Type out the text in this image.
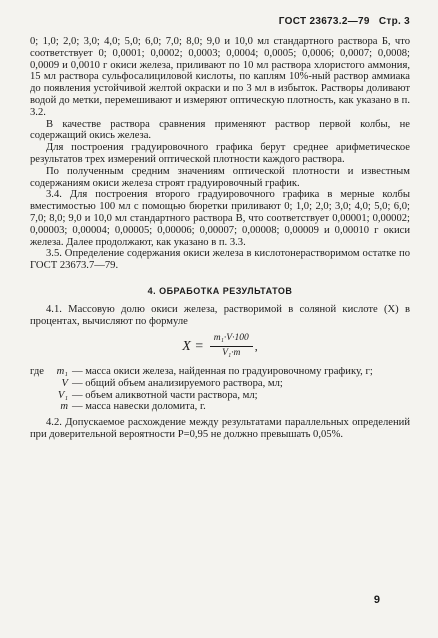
ГОСТ 23673.2—79 Стр. 3

0; 1,0; 2,0; 3,0; 4,0; 5,0; 6,0; 7,0; 8,0; 9,0 и 10,0 мл стандартного раствора Б, что соответствует 0; 0,0001; 0,0002; 0,0003; 0,0004; 0,0005; 0,0006; 0,0007; 0,0008; 0,0009 и 0,0010 г окиси железа, приливают по 10 мл раствора хлористого аммония, 15 мл раствора сульфосалициловой кислоты, по каплям 10%-ный раствор аммиака до появления устойчивой желтой окраски и по 3 мл в избыток. Растворы доливают водой до метки, перемешивают и измеряют оптическую плотность, как указано в п. 3.2.

В качестве раствора сравнения применяют раствор первой колбы, не содержащий окись железа.

Для построения градуировочного графика берут среднее арифметическое результатов трех измерений оптической плотности каждого раствора.

По полученным средним значениям оптической плотности и известным содержаниям окиси железа строят градуировочный график.

3.4. Для построения второго градуировочного графика в мерные колбы вместимостью 100 мл с помощью бюретки приливают 0; 1,0; 2,0; 3,0; 4,0; 5,0; 6,0; 7,0; 8,0; 9,0 и 10,0 мл стандартного раствора В, что соответствует 0,00001; 0,00002; 0,00003; 0,00004; 0,00005; 0,00006; 0,00007; 0,00008; 0,00009 и 0,00010 г окиси железа. Далее продолжают, как указано в п. 3.3.

3.5. Определение содержания окиси железа в кислотонерастворимом остатке по ГОСТ 23673.7—79.

4. ОБРАБОТКА РЕЗУЛЬТАТОВ

4.1. Массовую долю окиси железа, растворимой в соляной кислоте (X) в процентах, вычисляют по формуле

$X = \frac{\text{m₁·V·100}}{\text{V₁·m}}$ ,
где	m₁ — масса окиси железа, найденная по градуировочному графику, г;
V — общий объем анализируемого раствора, мл;
V₁ — объем аликвотной части раствора, мл;
m — масса навески доломита, г.

4.2. Допускаемое расхождение между результатами параллельных определений при доверительной вероятности P=0,95 не должно превышать 0,05%.

9
